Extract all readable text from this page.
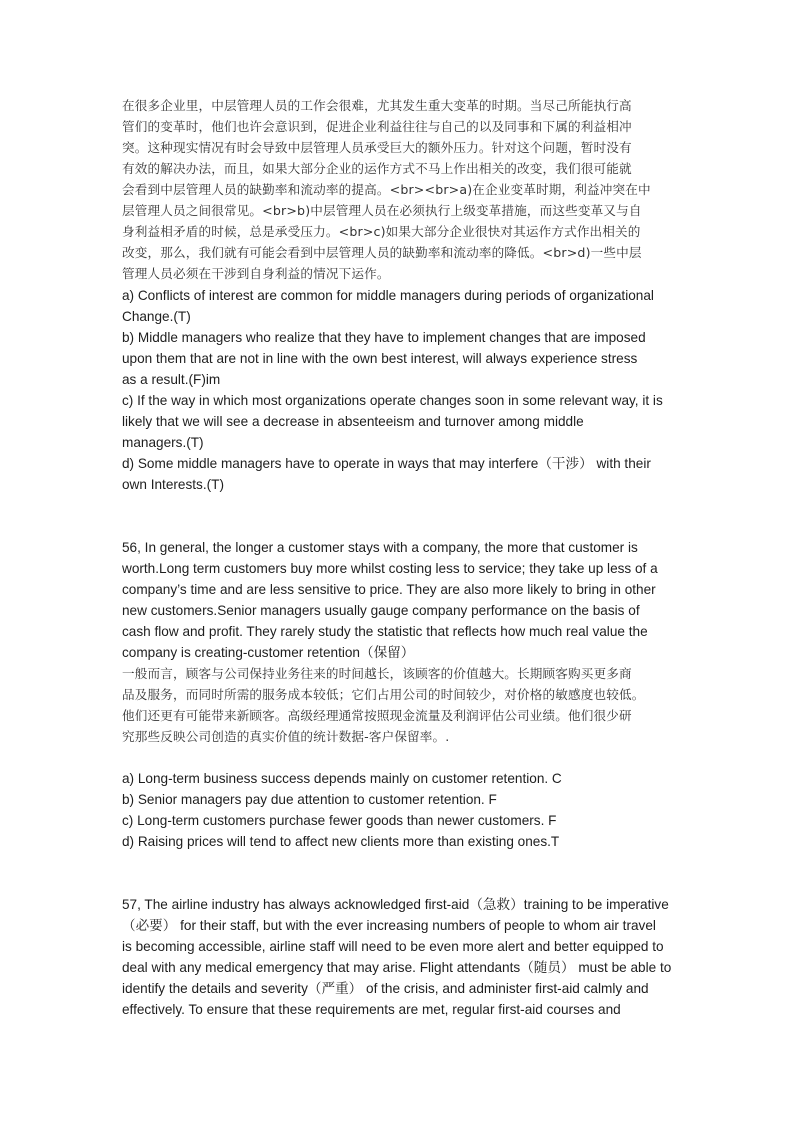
在很多企业里，中层管理人员的工作会很难，尤其发生重大变革的时期。当尽己所能执行高

管们的变革时，他们也许会意识到，促进企业利益往往与自己的以及同事和下属的利益相冲

突。这种现实情况有时会导致中层管理人员承受巨大的额外压力。针对这个问题，暂时没有

有效的解决办法，而且，如果大部分企业的运作方式不马上作出相关的改变，我们很可能就

会看到中层管理人员的缺勤率和流动率的提高。<br><br>a)在企业变革时期，利益冲突在中

层管理人员之间很常见。<br>b)中层管理人员在必须执行上级变革措施，而这些变革又与自

身利益相矛盾的时候，总是承受压力。<br>c)如果大部分企业很快对其运作方式作出相关的

改变，那么，我们就有可能会看到中层管理人员的缺勤率和流动率的降低。<br>d)一些中层

管理人员必须在干涉到自身利益的情况下运作。

a) Conflicts of interest are common for middle managers during periods of organizational

Change.(T)

b) Middle managers who realize that they have to implement changes that are imposed

upon them that are not in line with the own best interest, will always experience stress

as a result.(F)im

c) If the way in which most organizations operate changes soon in some relevant way, it is

likely that we will see a decrease in absenteeism and turnover among middle

managers.(T)

d) Some middle managers have to operate in ways that may interfere（干涉） with their

own Interests.(T)

56, In general, the longer a customer stays with a company, the more that customer is

worth.Long term customers buy more whilst costing less to service; they take up less of a

company’s time and are less sensitive to price. They are also more likely to bring in other

new customers.Senior managers usually gauge company performance on the basis of

cash flow and profit. They rarely study the statistic that reflects how much real value the

company is creating-customer retention（保留）

一般而言，顾客与公司保持业务往来的时间越长，该顾客的价值越大。长期顾客购买更多商

品及服务，而同时所需的服务成本较低；它们占用公司的时间较少，对价格的敏感度也较低。

他们还更有可能带来新顾客。高级经理通常按照现金流量及利润评估公司业绩。他们很少研

究那些反映公司创造的真实价值的统计数据-客户保留率。.

a) Long-term business success depends mainly on customer retention. C

b) Senior managers pay due attention to customer retention. F

c) Long-term customers purchase fewer goods than newer customers. F

d) Raising prices will tend to affect new clients more than existing ones.T

57, The airline industry has always acknowledged first-aid（急救）training to be imperative

（必要） for their staff, but with the ever increasing numbers of people to whom air travel

is becoming accessible, airline staff will need to be even more alert and better equipped to

deal with any medical emergency that may arise. Flight attendants（随员） must be able to

identify the details and severity（严重） of the crisis, and administer first-aid calmly and

effectively. To ensure that these requirements are met, regular first-aid courses and
